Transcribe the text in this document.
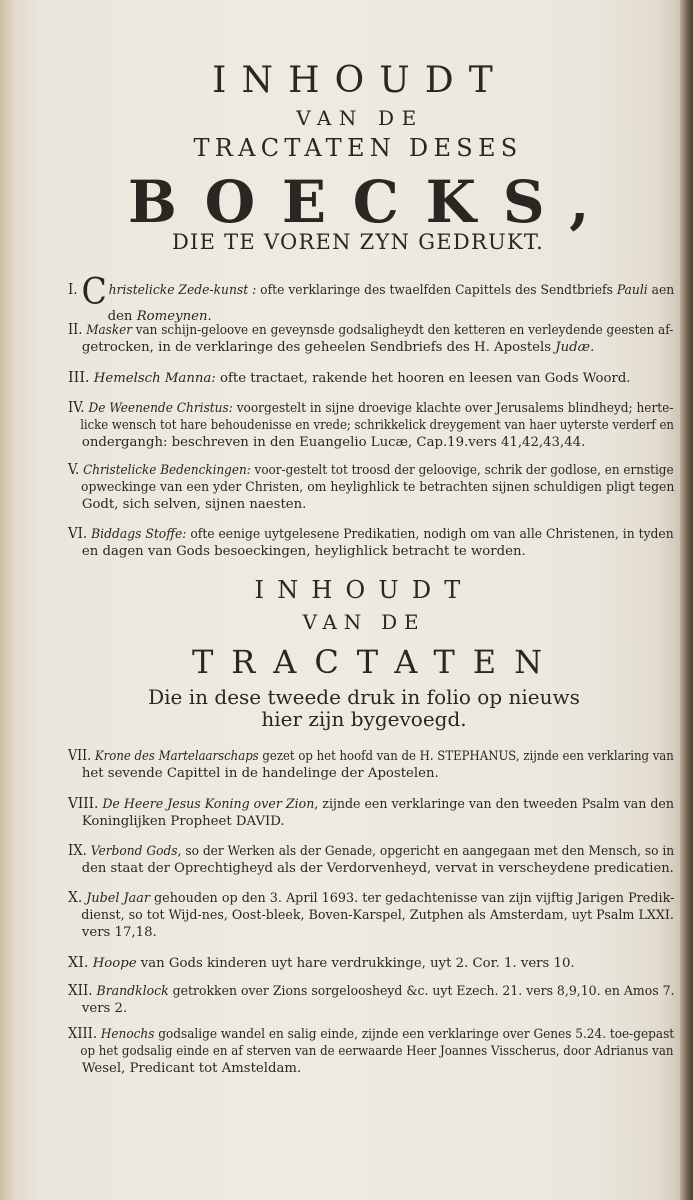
INHOUDT
VAN DE
TRACTATEN DESES
BOECKS,
DIE TE VOREN ZYN GEDRUKT.
I. C hristelicke Zede-kunst : ofte verklaringe des twaelfden Capittels des Sendtbriefs Pauli aen
den Romeynen.
II. Masker van schijn-geloove en geveynsde godsaligheydt den ketteren en verleydende geesten af-
getrocken, in de verklaringe des geheelen Sendbriefs des H. Apostels Judæ.
III. Hemelsch Manna: ofte tractaet, rakende het hooren en leesen van Gods Woord.
IV. De Weenende Christus: voorgestelt in sijne droevige klachte over Jerusalems blindheyd; herte-
licke wensch tot hare behoudenisse en vrede; schrikkelick dreygement van haer uyterste verderf en
ondergangh: beschreven in den Euangelio Lucæ, Cap.19.vers 41,42,43,44.
V. Christelicke Bedenckingen: voor-gestelt tot troosd der geloovige, schrik der godlose, en ernstige
opweckinge van een yder Christen, om heylighlick te betrachten sijnen schuldigen pligt tegen
Godt, sich selven, sijnen naesten.
VI. Biddags Stoffe: ofte eenige uytgelesene Predikatien, nodigh om van alle Christenen, in tyden
en dagen van Gods besoeckingen, heylighlick betracht te worden.
INHOUDT
VAN DE
TRACTATEN
Die in dese tweede druk in folio op nieuws
hier zijn bygevoegd.
VII. Krone des Martelaarschaps gezet op het hoofd van de H. STEPHANUS, zijnde een verklaring van
het sevende Capittel in de handelinge der Apostelen.
VIII. De Heere Jesus Koning over Zion, zijnde een verklaringe van den tweeden Psalm van den
Koninglijken Propheet DAVID.
IX. Verbond Gods, so der Werken als der Genade, opgericht en aangegaan met den Mensch, so in
den staat der Oprechtigheyd als der Verdorvenheyd, vervat in verscheydene predicatien.
X. Jubel Jaar gehouden op den 3. April 1693. ter gedachtenisse van zijn vijftig Jarigen Predik-
dienst, so tot Wijd-nes, Oost-bleek, Boven-Karspel, Zutphen als Amsterdam, uyt Psalm LXXI.
vers 17,18.
XI. Hoope van Gods kinderen uyt hare verdrukkinge, uyt 2. Cor. 1. vers 10.
XII. Brandklock getrokken over Zions sorgeloosheyd &c. uyt Ezech. 21. vers 8,9,10. en Amos 7.
vers 2.
XIII. Henochs godsalige wandel en salig einde, zijnde een verklaringe over Genes 5.24. toe-gepast
op het godsalig einde en af sterven van de eerwaarde Heer Joannes Visscherus, door Adrianus van
Wesel, Predicant tot Amsteldam.
